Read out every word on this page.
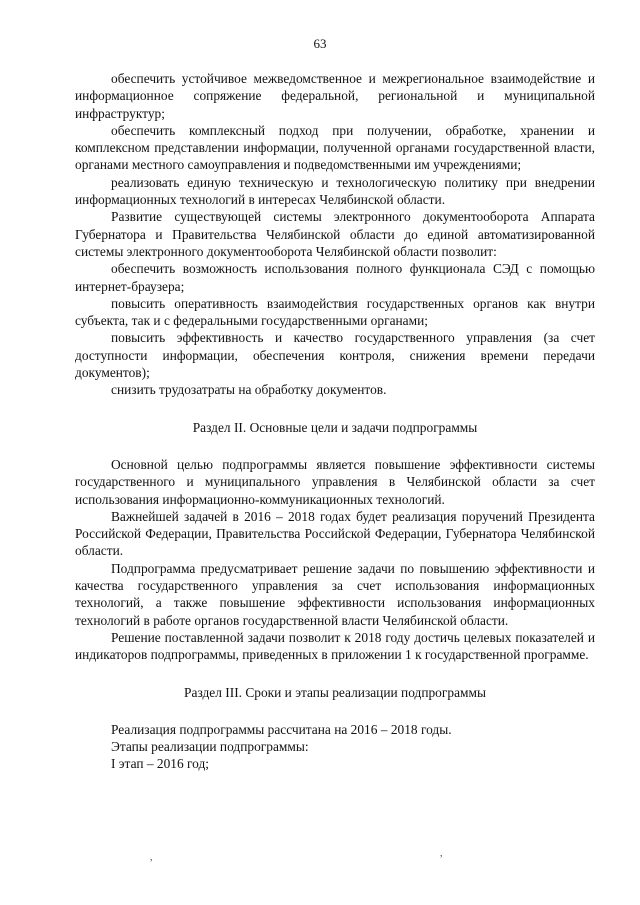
63

обеспечить устойчивое межведомственное и межрегиональное взаимодействие и информационное сопряжение федеральной, региональной и муниципальной инфраструктур;

обеспечить комплексный подход при получении, обработке, хранении и комплексном представлении информации, полученной органами государственной власти, органами местного самоуправления и подведомственными им учреждениями;

реализовать единую техническую и технологическую политику при внедрении информационных технологий в интересах Челябинской области.

Развитие существующей системы электронного документооборота Аппарата Губернатора и Правительства Челябинской области до единой автоматизированной системы электронного документооборота Челябинской области позволит:

обеспечить возможность использования полного функционала СЭД с помощью интернет-браузера;

повысить оперативность взаимодействия государственных органов как внутри субъекта, так и с федеральными государственными органами;

повысить эффективность и качество государственного управления (за счет доступности информации, обеспечения контроля, снижения времени передачи документов);

снизить трудозатраты на обработку документов.

Раздел II. Основные цели и задачи подпрограммы

Основной целью подпрограммы является повышение эффективности системы государственного и муниципального управления в Челябинской области за счет использования информационно-коммуникационных технологий.

Важнейшей задачей в 2016 – 2018 годах будет реализация поручений Президента Российской Федерации, Правительства Российской Федерации, Губернатора Челябинской области.

Подпрограмма предусматривает решение задачи по повышению эффективности и качества государственного управления за счет использования информационных технологий, а также повышение эффективности использования информационных технологий в работе органов государственной власти Челябинской области.

Решение поставленной задачи позволит к 2018 году достичь целевых показателей и индикаторов подпрограммы, приведенных в приложении 1 к государственной программе.

Раздел III. Сроки и этапы реализации подпрограммы

Реализация подпрограммы рассчитана на 2016 – 2018 годы.

Этапы реализации подпрограммы:

I этап – 2016 год;

,	,
